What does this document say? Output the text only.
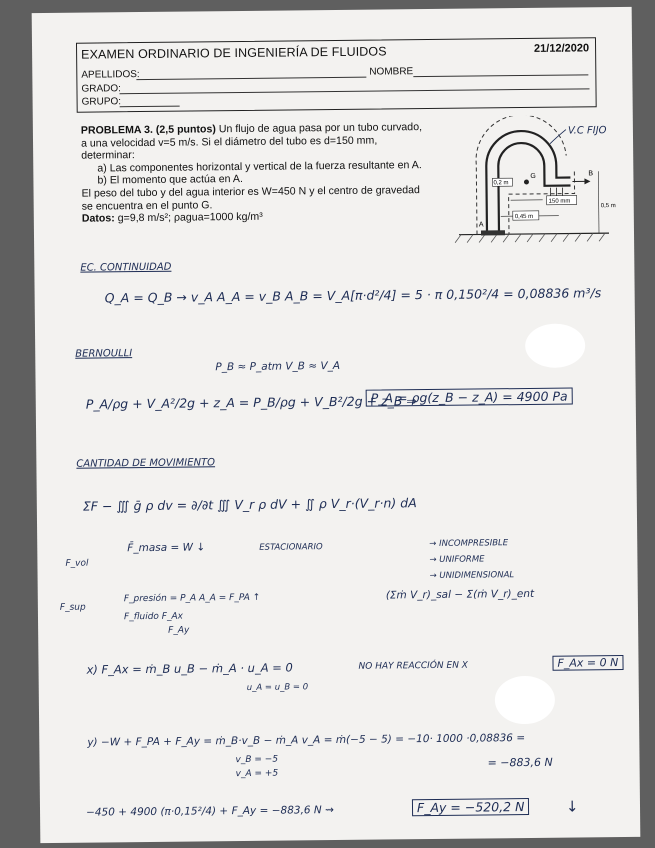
EXAMEN ORDINARIO DE INGENIERÍA DE FLUIDOS	21/12/2020
APELLIDOS:	NOMBRE
GRADO:
GRUPO:
PROBLEMA 3. (2,5 puntos) Un flujo de agua pasa por un tubo curvado, a una velocidad v=5 m/s. Si el diámetro del tubo es d=150 mm, determinar:
a) Las componentes horizontal y vertical de la fuerza resultante en A.
b) El momento que actúa en A.
El peso del tubo y del agua interior es W=450 N y el centro de gravedad se encuentra en el punto G.
Datos: g=9,8 m/s²; ρagua=1000 kg/m³
B
G
150 mm
0,45 m
0,5 m
0,2 m
A
V.C FIJO
EC. CONTINUIDAD
Q_A = Q_B → v_A A_A = v_B A_B = V_A[π·d²/4] = 5 · π 0,150²/4 = 0,08836 m³/s
BERNOULLI
P_B ≈ P_atm V_B ≈ V_A
P_A/ρg + V_A²/2g + z_A = P_B/ρg + V_B²/2g + z_B ⇒
P_A = ρg(z_B − z_A) = 4900 Pa
CANTIDAD DE MOVIMIENTO
ΣF − ∭ ḡ ρ dv = ∂/∂t ∭ V_r ρ dV + ∬ ρ V_r·(V_r·n) dA
F̄_masa = W ↓	ESTACIONARIO	→ INCOMPRESIBLE
→ UNIFORME
→ UNIDIMENSIONAL
(Σṁ V_r)_sal − Σ(ṁ V_r)_ent
F_vol
F_sup
F_presión = P_A A_A = F_PA ↑
F_fluido F_Ax
F_Ay
x) F_Ax = ṁ_B u_B − ṁ_A · u_A = 0
u_A = u_B = 0
NO HAY REACCIÓN EN X	F_Ax = 0 N
y) −W + F_PA + F_Ay = ṁ_B·v_B − ṁ_A v_A = ṁ(−5 − 5) = −10· 1000 ·0,08836 =
v_B = −5
v_A = +5
= −883,6 N
−450 + 4900 (π·0,15²/4) + F_Ay = −883,6 N ⇝	F_Ay = −520,2 N	↓
